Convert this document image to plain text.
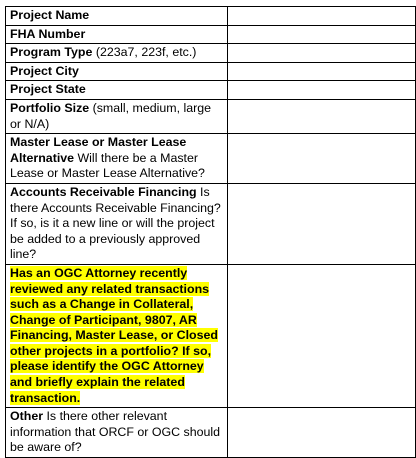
Project Name	
FHA Number	
Program Type (223a7, 223f, etc.)	
Project City	
Project State	
Portfolio Size (small, medium, large or N/A)	
Master Lease or Master Lease Alternative Will there be a Master Lease or Master Lease Alternative?	
Accounts Receivable Financing Is there Accounts Receivable Financing? If so, is it a new line or will the project be added to a previously approved line?	
Has an OGC Attorney recently reviewed any related transactions such as a Change in Collateral, Change of Participant, 9807, AR Financing, Master Lease, or Closed other projects in a portfolio? If so, please identify the OGC Attorney and briefly explain the related transaction.	
Other Is there other relevant information that ORCF or OGC should be aware of?	
